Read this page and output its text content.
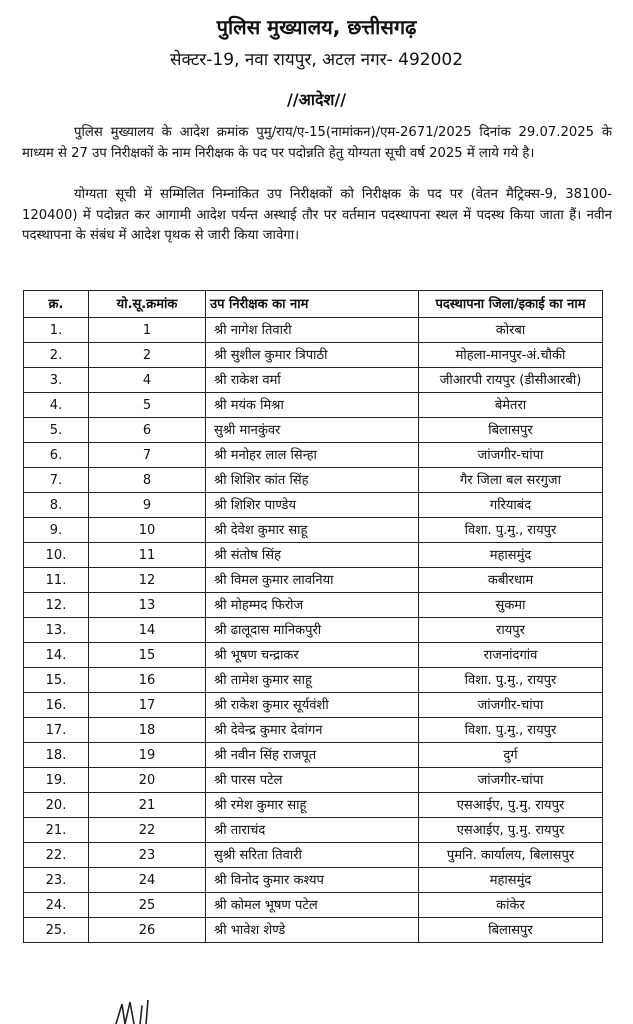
पुलिस मुख्यालय, छत्तीसगढ़
सेक्टर-19, नवा रायपुर, अटल नगर- 492002
//आदेश//

पुलिस मुख्यालय के आदेश क्रमांक पुमु/राय/ए-15(नामांकन)/एम-2671/2025 दिनांक 29.07.2025 के माध्यम से 27 उप निरीक्षकों के नाम निरीक्षक के पद पर पदोन्नति हेतु योग्यता सूची वर्ष 2025 में लाये गये है।

योग्यता सूची में सम्मिलित निम्नांकित उप निरीक्षकों को निरीक्षक के पद पर (वेतन मैट्रिक्स-9, 38100-120400) में पदोन्नत कर आगामी आदेश पर्यन्त अस्थाई तौर पर वर्तमान पदस्थापना स्थल में पदस्थ किया जाता हैं। नवीन पदस्थापना के संबंध में आदेश पृथक से जारी किया जावेगा।

क्र.	यो.सू.क्रमांक	उप निरीक्षक का नाम	पदस्थापना जिला/इकाई का नाम
1.	1	श्री नागेश तिवारी	कोरबा
2.	2	श्री सुशील कुमार त्रिपाठी	मोहला-मानपुर-अं.चौकी
3.	4	श्री राकेश वर्मा	जीआरपी रायपुर (डीसीआरबी)
4.	5	श्री मयंक मिश्रा	बेमेतरा
5.	6	सुश्री मानकुंवर	बिलासपुर
6.	7	श्री मनोहर लाल सिन्हा	जांजगीर-चांपा
7.	8	श्री शिशिर कांत सिंह	गैर जिला बल सरगुजा
8.	9	श्री शिशिर पाण्डेय	गरियाबंद
9.	10	श्री देवेश कुमार साहू	विशा. पु.मु., रायपुर
10.	11	श्री संतोष सिंह	महासमुंद
11.	12	श्री विमल कुमार लावनिया	कबीरधाम
12.	13	श्री मोहम्मद फिरोज	सुकमा
13.	14	श्री ढालूदास मानिकपुरी	रायपुर
14.	15	श्री भूषण चन्द्राकर	राजनांदगांव
15.	16	श्री तामेश कुमार साहू	विशा. पु.मु., रायपुर
16.	17	श्री राकेश कुमार सूर्यवंशी	जांजगीर-चांपा
17.	18	श्री देवेन्द्र कुमार देवांगन	विशा. पु.मु., रायपुर
18.	19	श्री नवीन सिंह राजपूत	दुर्ग
19.	20	श्री पारस पटेल	जांजगीर-चांपा
20.	21	श्री रमेश कुमार साहू	एसआईए, पु.मु. रायपुर
21.	22	श्री ताराचंद	एसआईए, पु.मु. रायपुर
22.	23	सुश्री सरिता तिवारी	पुमनि. कार्यालय, बिलासपुर
23.	24	श्री विनोद कुमार कश्यप	महासमुंद
24.	25	श्री कोमल भूषण पटेल	कांकेर
25.	26	श्री भावेश शेण्डे	बिलासपुर
